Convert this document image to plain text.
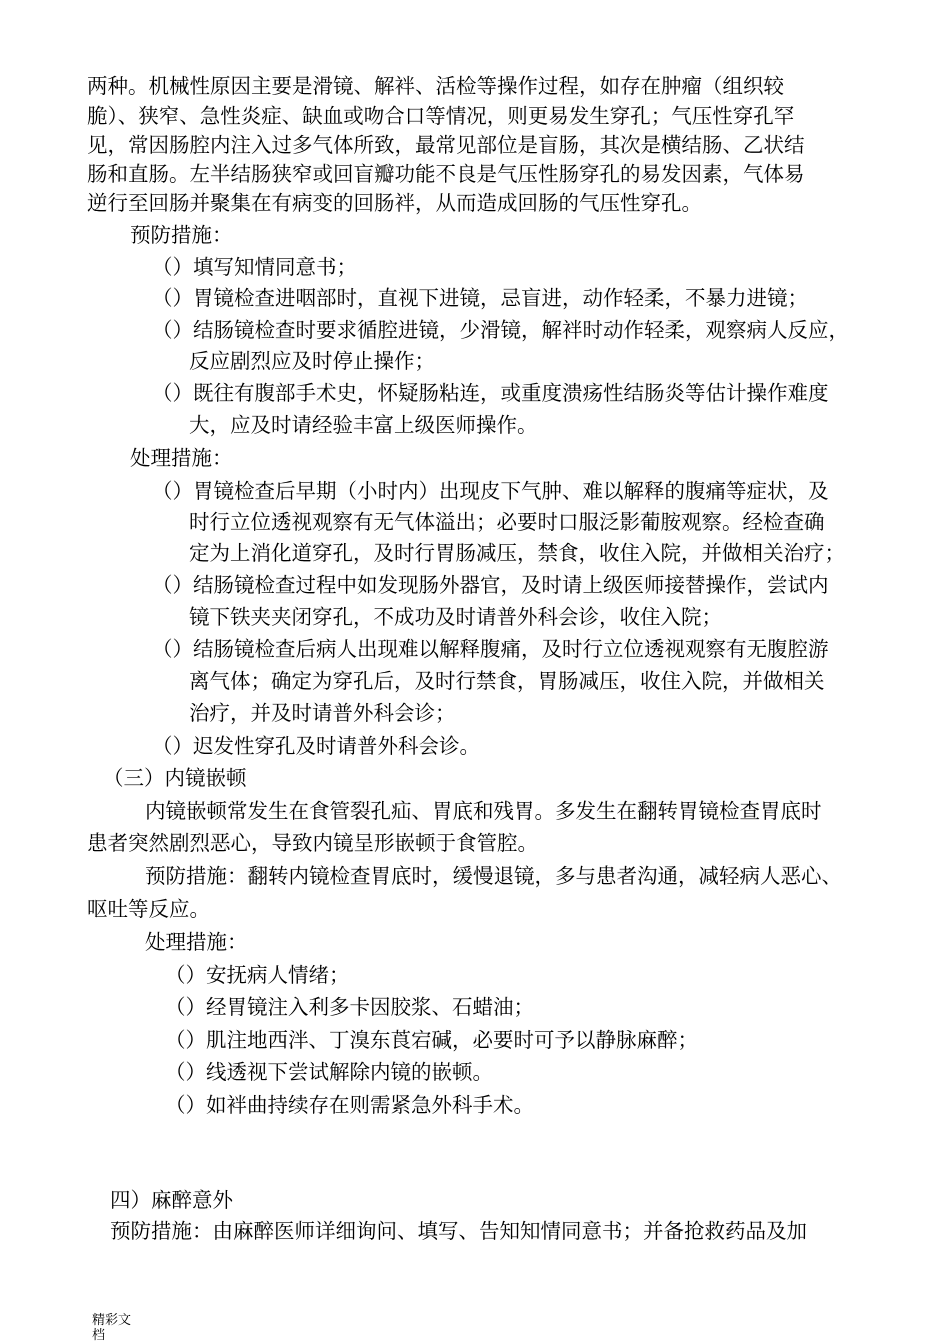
两种。机械性原因主要是滑镜、解袢、活检等操作过程，如存在肿瘤（组织较
脆）、狭窄、急性炎症、缺血或吻合口等情况，则更易发生穿孔；气压性穿孔罕
见，常因肠腔内注入过多气体所致，最常见部位是盲肠，其次是横结肠、乙状结
肠和直肠。左半结肠狭窄或回盲瓣功能不良是气压性肠穿孔的易发因素，气体易
逆行至回肠并聚集在有病变的回肠袢，从而造成回肠的气压性穿孔。
预防措施：
（）填写知情同意书；
（）胃镜检查进咽部时，直视下进镜，忌盲进，动作轻柔，不暴力进镜；
（）结肠镜检查时要求循腔进镜，少滑镜，解袢时动作轻柔，观察病人反应，
反应剧烈应及时停止操作；
（）既往有腹部手术史，怀疑肠粘连，或重度溃疡性结肠炎等估计操作难度
大，应及时请经验丰富上级医师操作。
处理措施：
（）胃镜检查后早期（小时内）出现皮下气肿、难以解释的腹痛等症状，及
时行立位透视观察有无气体溢出；必要时口服泛影葡胺观察。经检查确
定为上消化道穿孔，及时行胃肠减压，禁食，收住入院，并做相关治疗；
（）结肠镜检查过程中如发现肠外器官，及时请上级医师接替操作，尝试内
镜下铁夹夹闭穿孔，不成功及时请普外科会诊，收住入院；
（）结肠镜检查后病人出现难以解释腹痛，及时行立位透视观察有无腹腔游
离气体；确定为穿孔后，及时行禁食，胃肠减压，收住入院，并做相关
治疗，并及时请普外科会诊；
（）迟发性穿孔及时请普外科会诊。
（三）内镜嵌顿
内镜嵌顿常发生在食管裂孔疝、胃底和残胃。多发生在翻转胃镜检查胃底时
患者突然剧烈恶心，导致内镜呈形嵌顿于食管腔。
预防措施：翻转内镜检查胃底时，缓慢退镜，多与患者沟通，减轻病人恶心、
呕吐等反应。
处理措施：
（）安抚病人情绪；
（）经胃镜注入利多卡因胶浆、石蜡油；
（）肌注地西泮、丁溴东莨宕碱，必要时可予以静脉麻醉；
（）线透视下尝试解除内镜的嵌顿。
（）如袢曲持续存在则需紧急外科手术。
四）麻醉意外
预防措施：由麻醉医师详细询问、填写、告知知情同意书；并备抢救药品及加
精彩文
档
